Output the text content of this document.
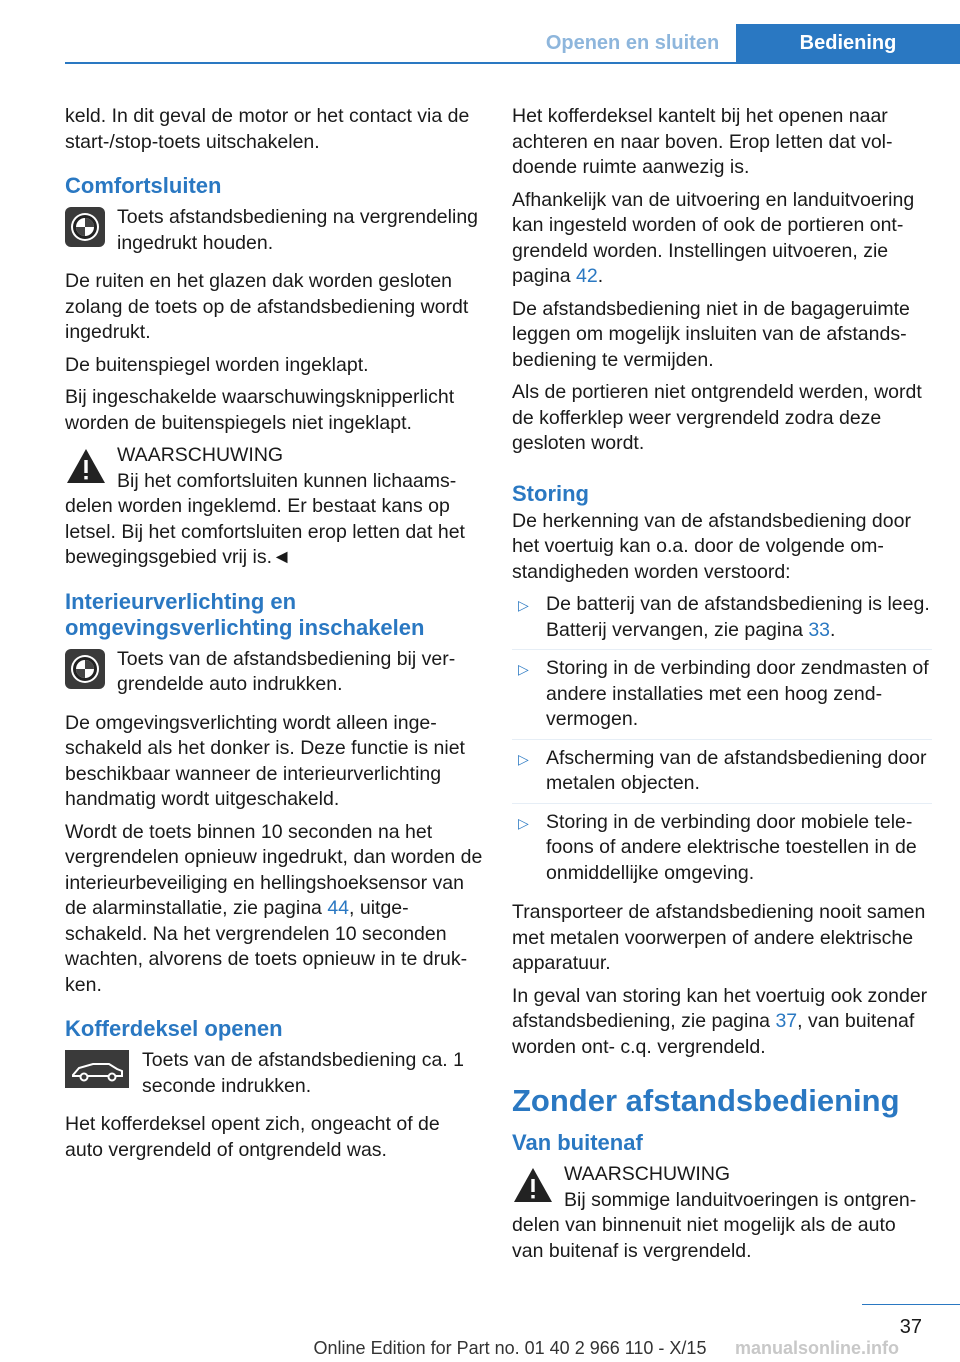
Openen en sluiten	Bediening

keld. In dit geval de motor or het contact via de start-/stop-toets uitschakelen.

Comfortsluiten
Toets afstandsbediening na vergrendeling ingedrukt houden.

De ruiten en het glazen dak worden gesloten zolang de toets op de afstandsbediening wordt ingedrukt.

De buitenspiegel worden ingeklapt.

Bij ingeschakelde waarschuwingsknipperlicht worden de buitenspiegels niet ingeklapt.

WAARSCHUWING
Bij het comfortsluiten kunnen lichaamsdelen worden ingeklemd. Er bestaat kans op letsel. Bij het comfortsluiten erop letten dat het bewegingsgebied vrij is.◄
Interieurverlichting en omgevingsverlichting inschakelen
Toets van de afstandsbediening bij vergrendelde auto indrukken.

De omgevingsverlichting wordt alleen ingeschakeld als het donker is. Deze functie is niet beschikbaar wanneer de interieurverlichting handmatig wordt uitgeschakeld.

Wordt de toets binnen 10 seconden na het vergrendelen opnieuw ingedrukt, dan worden de interieurbeveiliging en hellingshoeksensor van de alarminstallatie, zie pagina 44, uitgeschakeld. Na het vergrendelen 10 seconden wachten, alvorens de toets opnieuw in te drukken.

Kofferdeksel openen
Toets van de afstandsbediening ca. 1 seconde indrukken.

Het kofferdeksel opent zich, ongeacht of de auto vergrendeld of ontgrendeld was.

Het kofferdeksel kantelt bij het openen naar achteren en naar boven. Erop letten dat voldoende ruimte aanwezig is.

Afhankelijk van de uitvoering en landuitvoering kan ingesteld worden of ook de portieren ontgrendeld worden. Instellingen uitvoeren, zie pagina 42.

De afstandsbediening niet in de bagageruimte leggen om mogelijk insluiten van de afstandsbediening te vermijden.

Als de portieren niet ontgrendeld werden, wordt de kofferklep weer vergrendeld zodra deze gesloten wordt.

Storing

De herkenning van de afstandsbediening door het voertuig kan o.a. door de volgende omstandigheden worden verstoord:

▷ De batterij van de afstandsbediening is leeg. Batterij vervangen, zie pagina 33.
▷ Storing in de verbinding door zendmasten of andere installaties met een hoog zendvermogen.
▷ Afscherming van de afstandsbediening door metalen objecten.
▷ Storing in de verbinding door mobiele telefoons of andere elektrische toestellen in de onmiddellijke omgeving.

Transporteer de afstandsbediening nooit samen met metalen voorwerpen of andere elektrische apparatuur.

In geval van storing kan het voertuig ook zonder afstandsbediening, zie pagina 37, van buitenaf worden ont- c.q. vergrendeld.

Zonder afstandsbediening
Van buitenaf
WAARSCHUWING
Bij sommige landuitvoeringen is ontgrendelen van binnenuit niet mogelijk als de auto van buitenaf is vergrendeld.
37
Online Edition for Part no. 01 40 2 966 110 - X/15	manualsonline.info
